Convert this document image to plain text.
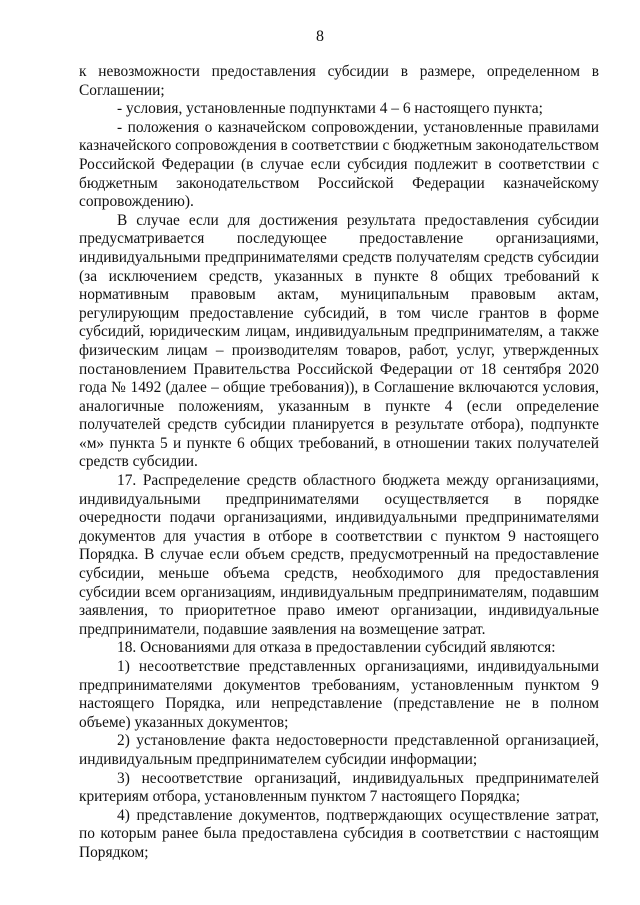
8

к невозможности предоставления субсидии в размере, определенном в Соглашении;

- условия, установленные подпунктами 4 – 6 настоящего пункта;

- положения о казначейском сопровождении, установленные правилами казначейского сопровождения в соответствии с бюджетным законодательством Российской Федерации (в случае если субсидия подлежит в соответствии с бюджетным законодательством Российской Федерации казначейскому сопровождению).

В случае если для достижения результата предоставления субсидии предусматривается последующее предоставление организациями, индивидуальными предпринимателями средств получателям средств субсидии (за исключением средств, указанных в пункте 8 общих требований к нормативным правовым актам, муниципальным правовым актам, регулирующим предоставление субсидий, в том числе грантов в форме субсидий, юридическим лицам, индивидуальным предпринимателям, а также физическим лицам – производителям товаров, работ, услуг, утвержденных постановлением Правительства Российской Федерации от 18 сентября 2020 года № 1492 (далее – общие требования)), в Соглашение включаются условия, аналогичные положениям, указанным в пункте 4 (если определение получателей средств субсидии планируется в результате отбора), подпункте «м» пункта 5 и пункте 6 общих требований, в отношении таких получателей средств субсидии.

17. Распределение средств областного бюджета между организациями, индивидуальными предпринимателями осуществляется в порядке очередности подачи организациями, индивидуальными предпринимателями документов для участия в отборе в соответствии с пунктом 9 настоящего Порядка. В случае если объем средств, предусмотренный на предоставление субсидии, меньше объема средств, необходимого для предоставления субсидии всем организациям, индивидуальным предпринимателям, подавшим заявления, то приоритетное право имеют организации, индивидуальные предприниматели, подавшие заявления на возмещение затрат.

18. Основаниями для отказа в предоставлении субсидий являются:

1) несоответствие представленных организациями, индивидуальными предпринимателями документов требованиям, установленным пунктом 9 настоящего Порядка, или непредставление (представление не в полном объеме) указанных документов;

2) установление факта недостоверности представленной организацией, индивидуальным предпринимателем субсидии информации;

3) несоответствие организаций, индивидуальных предпринимателей критериям отбора, установленным пунктом 7 настоящего Порядка;

4) представление документов, подтверждающих осуществление затрат, по которым ранее была предоставлена субсидия в соответствии с настоящим Порядком;
